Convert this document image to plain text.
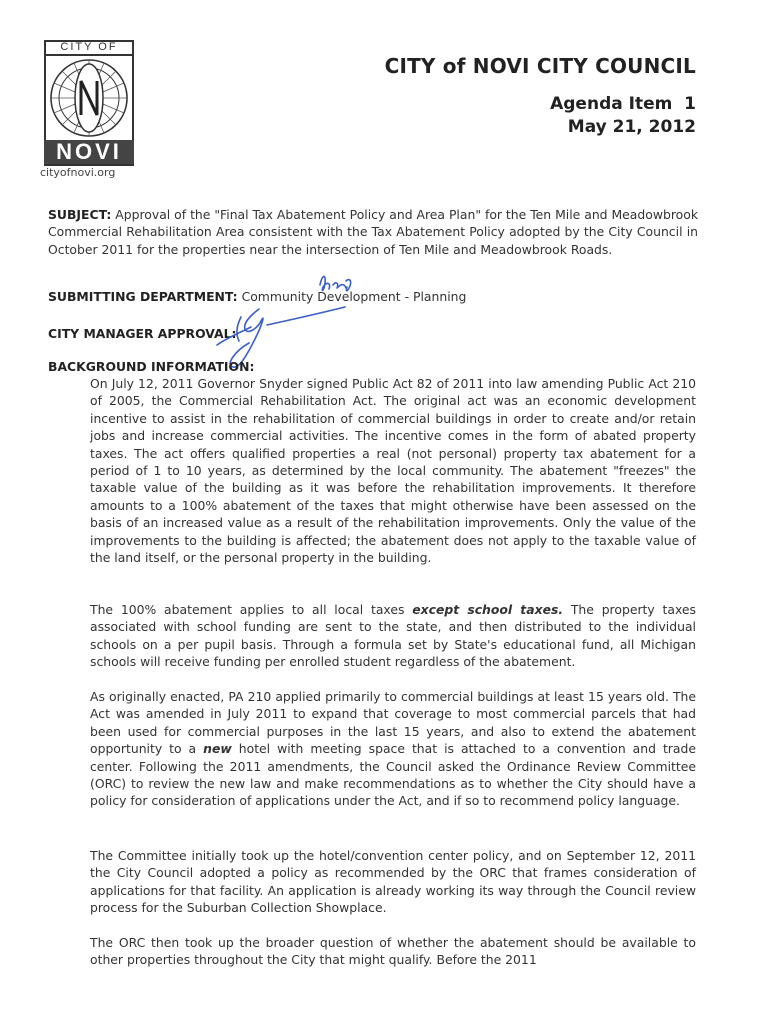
CITY OF
NOVI
cityofnovi.org
CITY of NOVI CITY COUNCIL
Agenda Item  1
May 21, 2012
SUBJECT: Approval of the "Final Tax Abatement Policy and Area Plan" for the Ten Mile and Meadowbrook Commercial Rehabilitation Area consistent with the Tax Abatement Policy adopted by the City Council in October 2011 for the properties near the intersection of Ten Mile and Meadowbrook Roads.
SUBMITTING DEPARTMENT: Community Development - Planning
CITY MANAGER APPROVAL:
BACKGROUND INFORMATION:

On July 12, 2011 Governor Snyder signed Public Act 82 of 2011 into law amending Public Act 210 of 2005, the Commercial Rehabilitation Act. The original act was an economic development incentive to assist in the rehabilitation of commercial buildings in order to create and/or retain jobs and increase commercial activities. The incentive comes in the form of abated property taxes. The act offers qualified properties a real (not personal) property tax abatement for a period of 1 to 10 years, as determined by the local community. The abatement "freezes" the taxable value of the building as it was before the rehabilitation improvements. It therefore amounts to a 100% abatement of the taxes that might otherwise have been assessed on the basis of an increased value as a result of the rehabilitation improvements. Only the value of the improvements to the building is affected; the abatement does not apply to the taxable value of the land itself, or the personal property in the building.

The 100% abatement applies to all local taxes except school taxes. The property taxes associated with school funding are sent to the state, and then distributed to the individual schools on a per pupil basis. Through a formula set by State's educational fund, all Michigan schools will receive funding per enrolled student regardless of the abatement.

As originally enacted, PA 210 applied primarily to commercial buildings at least 15 years old. The Act was amended in July 2011 to expand that coverage to most commercial parcels that had been used for commercial purposes in the last 15 years, and also to extend the abatement opportunity to a new hotel with meeting space that is attached to a convention and trade center. Following the 2011 amendments, the Council asked the Ordinance Review Committee (ORC) to review the new law and make recommendations as to whether the City should have a policy for consideration of applications under the Act, and if so to recommend policy language.

The Committee initially took up the hotel/convention center policy, and on September 12, 2011 the City Council adopted a policy as recommended by the ORC that frames consideration of applications for that facility. An application is already working its way through the Council review process for the Suburban Collection Showplace.

The ORC then took up the broader question of whether the abatement should be available to other properties throughout the City that might qualify. Before the 2011
